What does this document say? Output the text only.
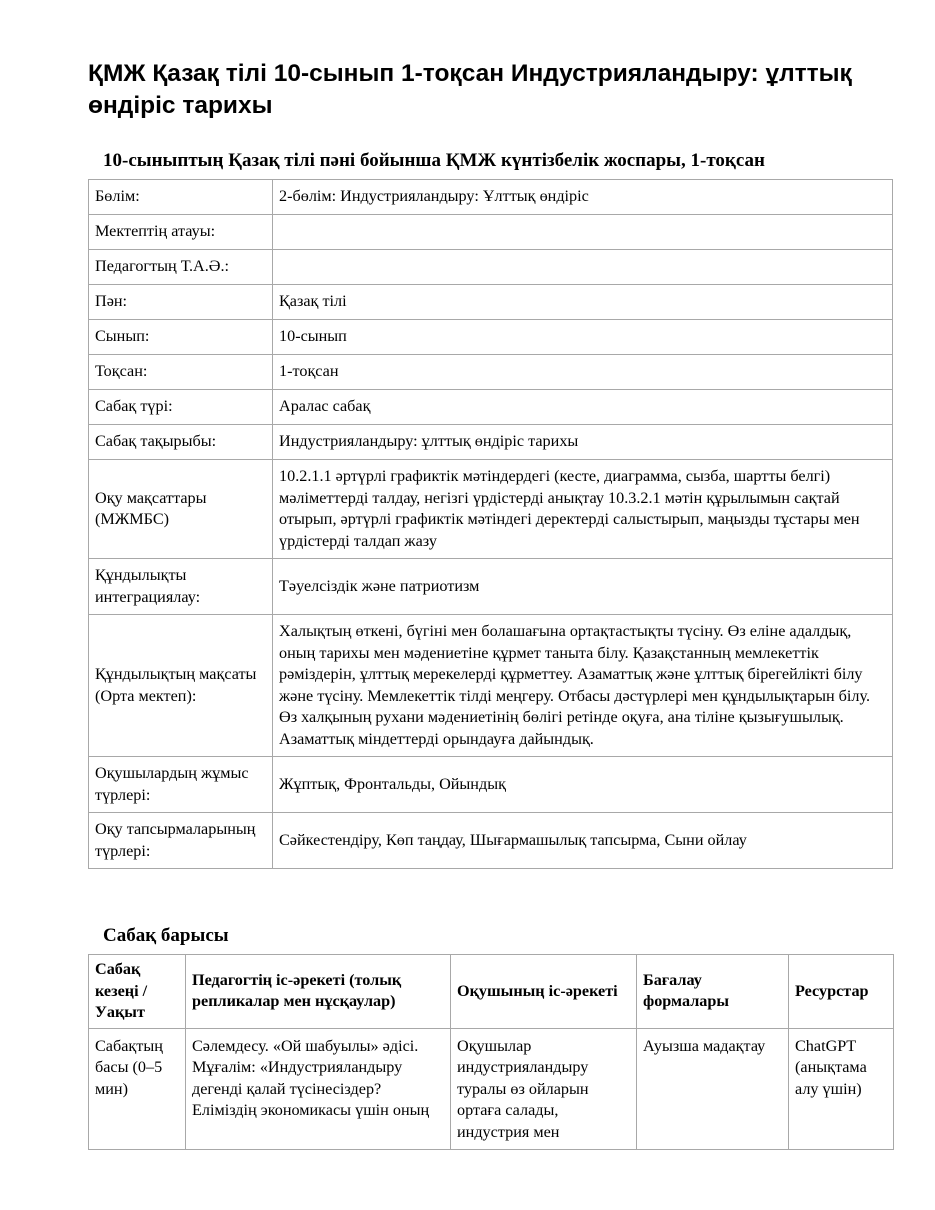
ҚМЖ Қазақ тілі 10-сынып 1-тоқсан Индустрияландыру: ұлттық өндіріс тарихы
10-сыныптың Қазақ тілі пәні бойынша ҚМЖ күнтізбелік жоспары, 1-тоқсан
Бөлім:	2-бөлім: Индустрияландыру: Ұлттық өндіріс
Мектептің атауы:	
Педагогтың Т.А.Ә.:	
Пән:	Қазақ тілі
Сынып:	10-сынып
Тоқсан:	1-тоқсан
Сабақ түрі:	Аралас сабақ
Сабақ тақырыбы:	Индустрияландыру: ұлттық өндіріс тарихы
Оқу мақсаттары (МЖМБС)	10.2.1.1 әртүрлі графиктік мәтіндердегі (кесте, диаграмма, сызба, шартты белгі) мәліметтерді талдау, негізгі үрдістерді анықтау 10.3.2.1 мәтін құрылымын сақтай отырып, әртүрлі графиктік мәтіндегі деректерді салыстырып, маңызды тұстары мен үрдістерді талдап жазу
Құндылықты интеграциялау:	Тәуелсіздік және патриотизм
Құндылықтың мақсаты (Орта мектеп):	Халықтың өткені, бүгіні мен болашағына ортақтастықты түсіну. Өз еліне адалдық, оның тарихы мен мәдениетіне құрмет таныта білу. Қазақстанның мемлекеттік рәміздерін, ұлттық мерекелерді құрметтеу. Азаматтық және ұлттық бірегейлікті білу және түсіну. Мемлекеттік тілді меңгеру. Отбасы дәстүрлері мен құндылықтарын білу. Өз халқының рухани мәдениетінің бөлігі ретінде оқуға, ана тіліне қызығушылық. Азаматтық міндеттерді орындауға дайындық.
Оқушылардың жұмыс түрлері:	Жұптық, Фронтальды, Ойындық
Оқу тапсырмаларының түрлері:	Сәйкестендіру, Көп таңдау, Шығармашылық тапсырма, Сыни ойлау
Сабақ барысы
Сабақ кезеңі / Уақыт	Педагогтің іс-әрекеті (толық репликалар мен нұсқаулар)	Оқушының іс-әрекеті	Бағалау формалары	Ресурстар
Сабақтың басы (0–5 мин)	Сәлемдесу. «Ой шабуылы» әдісі. Мұғалім: «Индустрияландыру дегенді қалай түсінесіздер? Еліміздің экономикасы үшін оның	Оқушылар индустрияландыру туралы өз ойларын ортаға салады, индустрия мен	Ауызша мадақтау	ChatGPT (анықтама алу үшін)
